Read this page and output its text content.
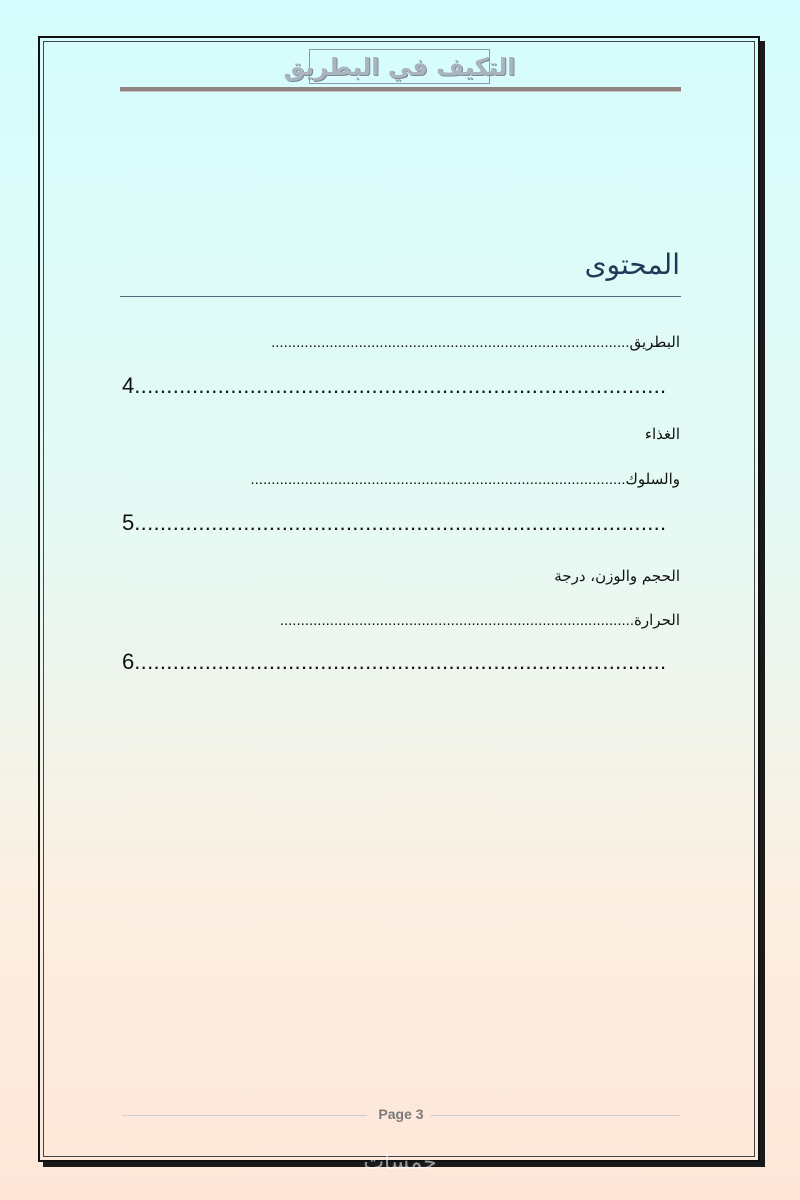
التكيف في البطريق
المحتوى
البطريق......................................................................................
4...................................................................................
الغذاء
والسلوك..........................................................................................
5...................................................................................
الحجم والوزن، درجة
الحرارة.....................................................................................
6...................................................................................
Page 3
خمسات
